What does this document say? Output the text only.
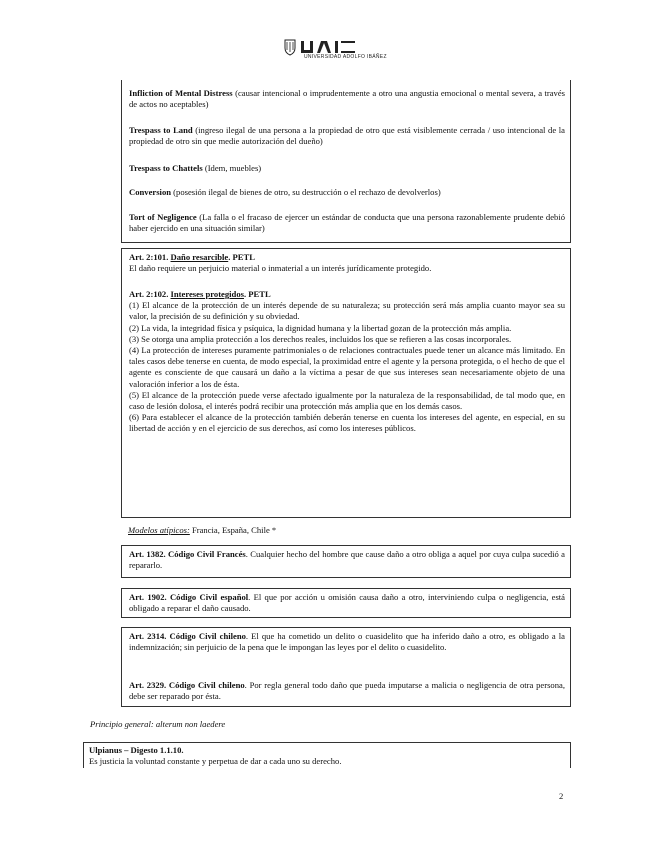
UNIVERSIDAD ADOLFO IBÁÑEZ
Infliction of Mental Distress (causar intencional o imprudentemente a otro una angustia emocional o mental severa, a través de actos no aceptables)
Trespass to Land (ingreso ilegal de una persona a la propiedad de otro que está visiblemente cerrada / uso intencional de la propiedad de otro sin que medie autorización del dueño)
Trespass to Chattels (Idem, muebles)
Conversion (posesión ilegal de bienes de otro, su destrucción o el rechazo de devolverlos)
Tort of Negligence (La falla o el fracaso de ejercer un estándar de conducta que una persona razonablemente prudente debió haber ejercido en una situación similar)
Art. 2:101. Daño resarcible. PETL
El daño requiere un perjuicio material o inmaterial a un interés jurídicamente protegido.
Art. 2:102. Intereses protegidos. PETL
(1) El alcance de la protección de un interés depende de su naturaleza; su protección será más amplia cuanto mayor sea su valor, la precisión de su definición y su obviedad.
(2) La vida, la integridad física y psíquica, la dignidad humana y la libertad gozan de la protección más amplia.
(3) Se otorga una amplia protección a los derechos reales, incluidos los que se refieren a las cosas incorporales.
(4) La protección de intereses puramente patrimoniales o de relaciones contractuales puede tener un alcance más limitado. En tales casos debe tenerse en cuenta, de modo especial, la proximidad entre el agente y la persona protegida, o el hecho de que el agente es consciente de que causará un daño a la víctima a pesar de que sus intereses sean necesariamente objeto de una valoración inferior a los de ésta.
(5) El alcance de la protección puede verse afectado igualmente por la naturaleza de la responsabilidad, de tal modo que, en caso de lesión dolosa, el interés podrá recibir una protección más amplia que en los demás casos.
(6) Para establecer el alcance de la protección también deberán tenerse en cuenta los intereses del agente, en especial, en su libertad de acción y en el ejercicio de sus derechos, así como los intereses públicos.
Modelos atípicos: Francia, España, Chile *
Art. 1382. Código Civil Francés. Cualquier hecho del hombre que cause daño a otro obliga a aquel por cuya culpa sucedió a repararlo.
Art. 1902. Código Civil español. El que por acción u omisión causa daño a otro, interviniendo culpa o negligencia, está obligado a reparar el daño causado.
Art. 2314. Código Civil chileno. El que ha cometido un delito o cuasidelito que ha inferido daño a otro, es obligado a la indemnización; sin perjuicio de la pena que le impongan las leyes por el delito o cuasidelito.
Art. 2329. Código Civil chileno. Por regla general todo daño que pueda imputarse a malicia o negligencia de otra persona, debe ser reparado por ésta.
Principio general: alterum non laedere
Ulpianus – Digesto 1.1.10.
Es justicia la voluntad constante y perpetua de dar a cada uno su derecho.
2
